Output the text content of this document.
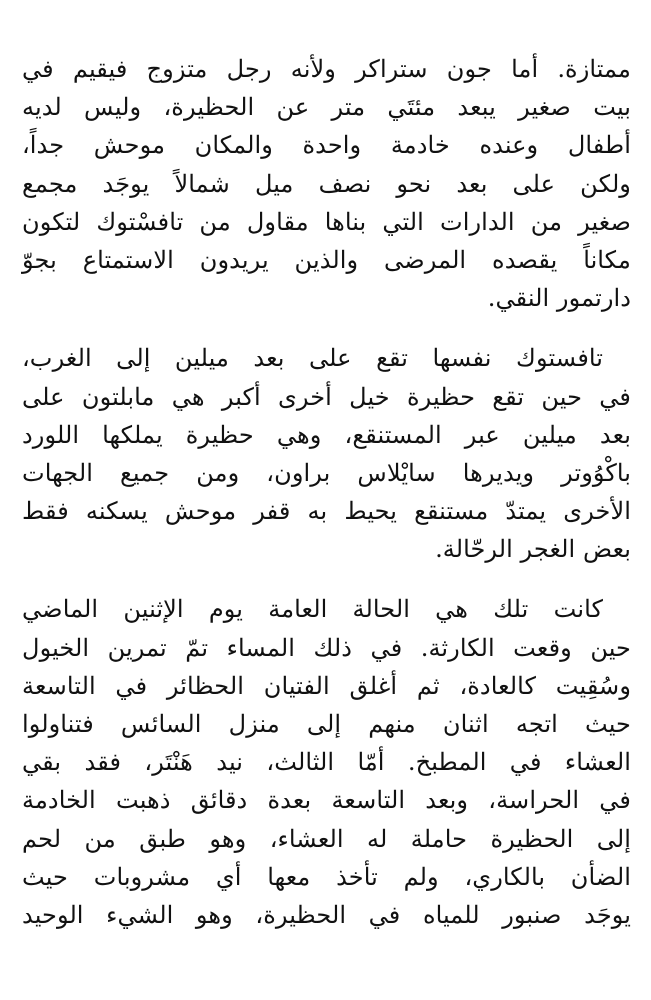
ممتازة. أما جون ستراكر ولأنه رجل متزوج فيقيم في
بيت صغير يبعد مئتَي متر عن الحظيرة، وليس لديه
أطفال وعنده خادمة واحدة والمكان موحش جداً،
ولكن على بعد نحو نصف ميل شمالاً يوجَد مجمع
صغير من الدارات التي بناها مقاول من تافسْتوك لتكون
مكاناً يقصده المرضى والذين يريدون الاستمتاع بجوّ
دارتمور النقي.
تافستوك نفسها تقع على بعد ميلين إلى الغرب،
في حين تقع حظيرة خيل أخرى أكبر هي مابلتون على
بعد ميلين عبر المستنقع، وهي حظيرة يملكها اللورد
باكْوُوتر ويديرها سايْلاس براون، ومن جميع الجهات
الأخرى يمتدّ مستنقع يحيط به قفر موحش يسكنه فقط
بعض الغجر الرحّالة.
كانت تلك هي الحالة العامة يوم الإثنين الماضي
حين وقعت الكارثة. في ذلك المساء تمّ تمرين الخيول
وسُقِيت كالعادة، ثم أغلق الفتيان الحظائر في التاسعة
حيث اتجه اثنان منهم إلى منزل السائس فتناولوا
العشاء في المطبخ. أمّا الثالث، نيد هَنْتَر، فقد بقي
في الحراسة، وبعد التاسعة بعدة دقائق ذهبت الخادمة
إلى الحظيرة حاملة له العشاء، وهو طبق من لحم
الضأن بالكاري، ولم تأخذ معها أي مشروبات حيث
يوجَد صنبور للمياه في الحظيرة، وهو الشيء الوحيد
